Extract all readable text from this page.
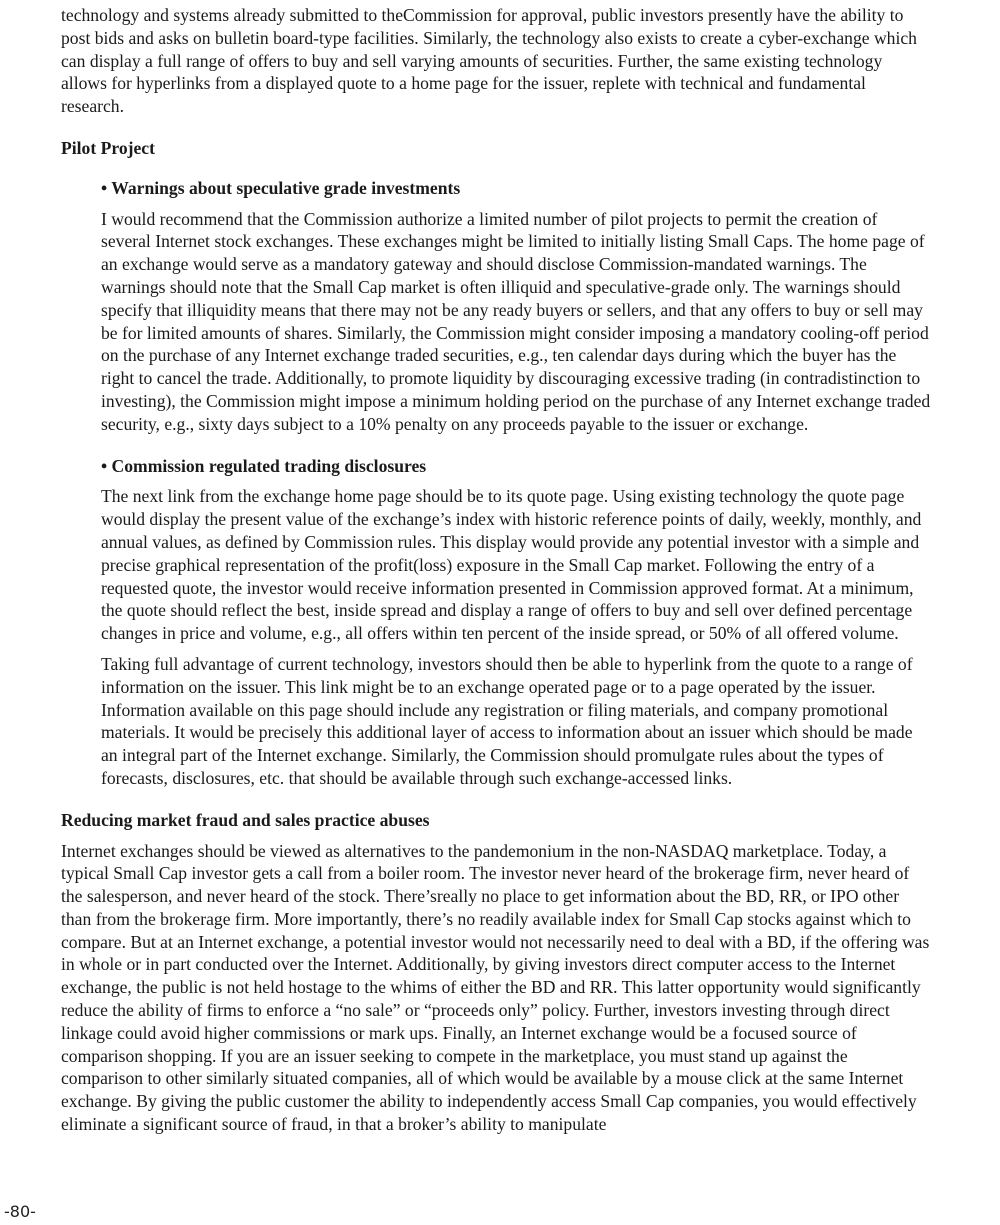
technology and systems already submitted to theCommission for approval, public investors presently have the ability to post bids and asks on bulletin board-type facilities. Similarly, the technology also exists to create a cyber-exchange which can display a full range of offers to buy and sell varying amounts of securities. Further, the same existing technology allows for hyperlinks from a displayed quote to a home page for the issuer, replete with technical and fundamental research.

Pilot Project
• Warnings about speculative grade investments

I would recommend that the Commission authorize a limited number of pilot projects to permit the creation of several Internet stock exchanges. These exchanges might be limited to initially listing Small Caps. The home page of an exchange would serve as a mandatory gateway and should disclose Commission-mandated warnings. The warnings should note that the Small Cap market is often illiquid and speculative-grade only. The warnings should specify that illiquidity means that there may not be any ready buyers or sellers, and that any offers to buy or sell may be for limited amounts of shares. Similarly, the Commission might consider imposing a mandatory cooling-off period on the purchase of any Internet exchange traded securities, e.g., ten calendar days during which the buyer has the right to cancel the trade. Additionally, to promote liquidity by discouraging excessive trading (in contradistinction to investing), the Commission might impose a minimum holding period on the purchase of any Internet exchange traded security, e.g., sixty days subject to a 10% penalty on any proceeds payable to the issuer or exchange.

• Commission regulated trading disclosures

The next link from the exchange home page should be to its quote page. Using existing technology the quote page would display the present value of the exchange’s index with historic reference points of daily, weekly, monthly, and annual values, as defined by Commission rules. This display would provide any potential investor with a simple and precise graphical representation of the profit(loss) exposure in the Small Cap market. Following the entry of a requested quote, the investor would receive information presented in Commission approved format. At a minimum, the quote should reflect the best, inside spread and display a range of offers to buy and sell over defined percentage changes in price and volume, e.g., all offers within ten percent of the inside spread, or 50% of all offered volume.

Taking full advantage of current technology, investors should then be able to hyperlink from the quote to a range of information on the issuer. This link might be to an exchange operated page or to a page operated by the issuer. Information available on this page should include any registration or filing materials, and company promotional materials. It would be precisely this additional layer of access to information about an issuer which should be made an integral part of the Internet exchange. Similarly, the Commission should promulgate rules about the types of forecasts, disclosures, etc. that should be available through such exchange-accessed links.

Reducing market fraud and sales practice abuses

Internet exchanges should be viewed as alternatives to the pandemonium in the non-NASDAQ marketplace. Today, a typical Small Cap investor gets a call from a boiler room. The investor never heard of the brokerage firm, never heard of the salesperson, and never heard of the stock. There’sreally no place to get information about the BD, RR, or IPO other than from the brokerage firm. More importantly, there’s no readily available index for Small Cap stocks against which to compare. But at an Internet exchange, a potential investor would not necessarily need to deal with a BD, if the offering was in whole or in part conducted over the Internet. Additionally, by giving investors direct computer access to the Internet exchange, the public is not held hostage to the whims of either the BD and RR. This latter opportunity would significantly reduce the ability of firms to enforce a “no sale” or “proceeds only” policy. Further, investors investing through direct linkage could avoid higher commissions or mark ups. Finally, an Internet exchange would be a focused source of comparison shopping. If you are an issuer seeking to compete in the marketplace, you must stand up against the comparison to other similarly situated companies, all of which would be available by a mouse click at the same Internet exchange. By giving the public customer the ability to independently access Small Cap companies, you would effectively eliminate a significant source of fraud, in that a broker’s ability to manipulate

-80-
